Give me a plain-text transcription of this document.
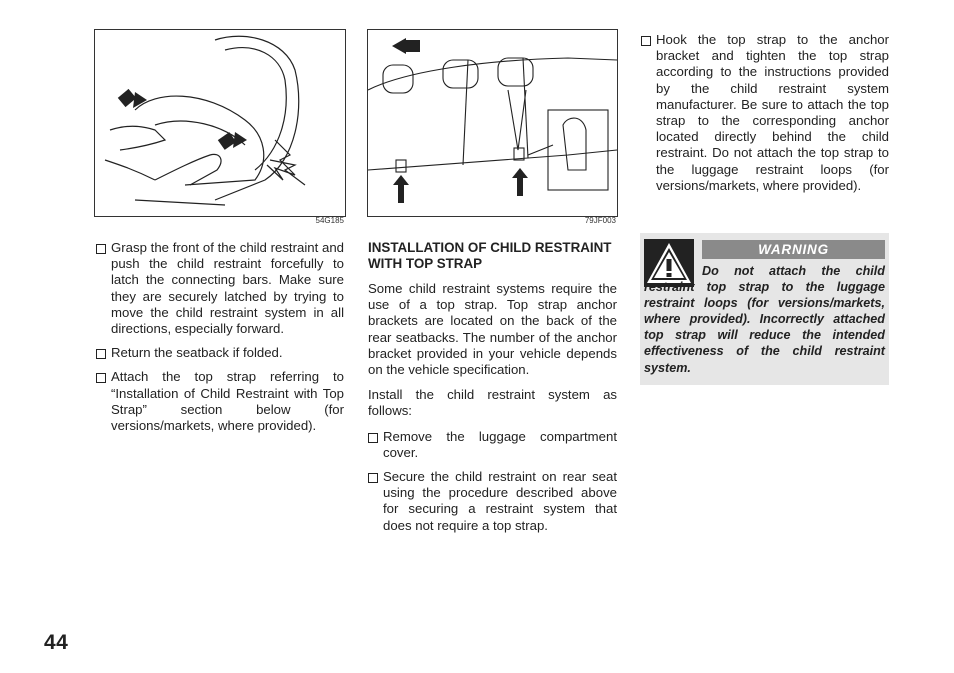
54G185	79JF003
Grasp the front of the child restraint and push the child restraint forcefully to latch the connecting bars. Make sure they are securely latched by trying to move the child restraint system in all directions, especially forward.
Return the seatback if folded.
Attach the top strap referring to “Installation of Child Restraint with Top Strap” section below (for versions/markets, where provided).
INSTALLATION OF CHILD RESTRAINT WITH TOP STRAP
Some child restraint systems require the use of a top strap. Top strap anchor brackets are located on the back of the rear seatbacks. The number of the anchor bracket provided in your vehicle depends on the vehicle specification.
Install the child restraint system as follows:
Remove the luggage compartment cover.
Secure the child restraint on rear seat using the procedure described above for securing a restraint system that does not require a top strap.
Hook the top strap to the anchor bracket and tighten the top strap according to the instructions provided by the child restraint system manufacturer. Be sure to attach the top strap to the corresponding anchor located directly behind the child restraint. Do not attach the top strap to the luggage restraint loops (for versions/markets, where provided).
WARNING
Do not attach the child restraint top strap to the luggage restraint loops (for versions/markets, where provided). Incorrectly attached top strap will reduce the intended effectiveness of the child restraint system.
44
